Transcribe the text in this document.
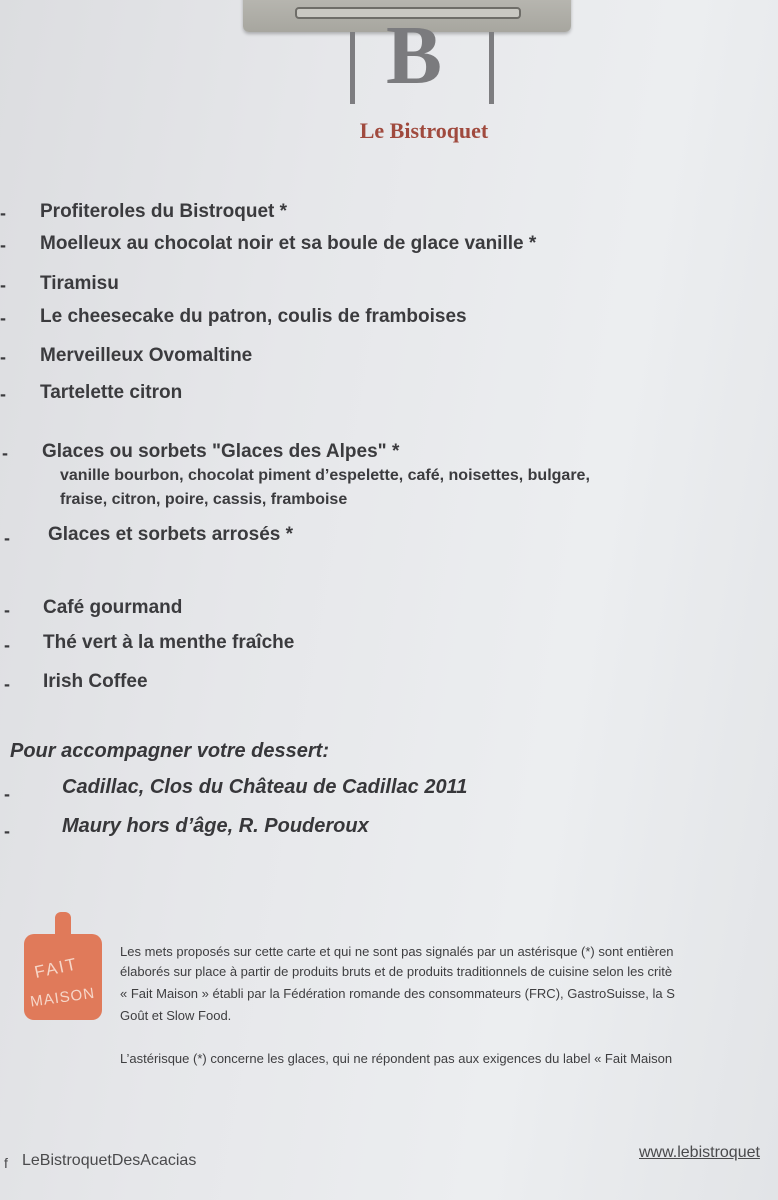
B
Le Bistroquet
- Profiteroles du Bistroquet *
- Moelleux au chocolat noir et sa boule de glace vanille *
- Tiramisu
- Le cheesecake du patron, coulis de framboises
- Merveilleux Ovomaltine
- Tartelette citron
- Glaces ou sorbets "Glaces des Alpes" *
vanille bourbon, chocolat piment d’espelette, café, noisettes, bulgare,
fraise, citron, poire, cassis, framboise
- Glaces et sorbets arrosés *
- Café gourmand
- Thé vert à la menthe fraîche
- Irish Coffee
Pour accompagner votre dessert:
-	Cadillac, Clos du Château de Cadillac 2011
-	Maury hors d’âge, R. Pouderoux
FAIT
MAISON
Les mets proposés sur cette carte et qui ne sont pas signalés par un astérisque (*) sont entièren
élaborés sur place à partir de produits bruts et de produits traditionnels de cuisine selon les critè
« Fait Maison » établi par la Fédération romande des consommateurs (FRC), GastroSuisse, la S
Goût et Slow Food.
L’astérisque (*) concerne les glaces, qui ne répondent pas aux exigences du label « Fait Maison
f LeBistroquetDesAcacias	www.lebistroquet
